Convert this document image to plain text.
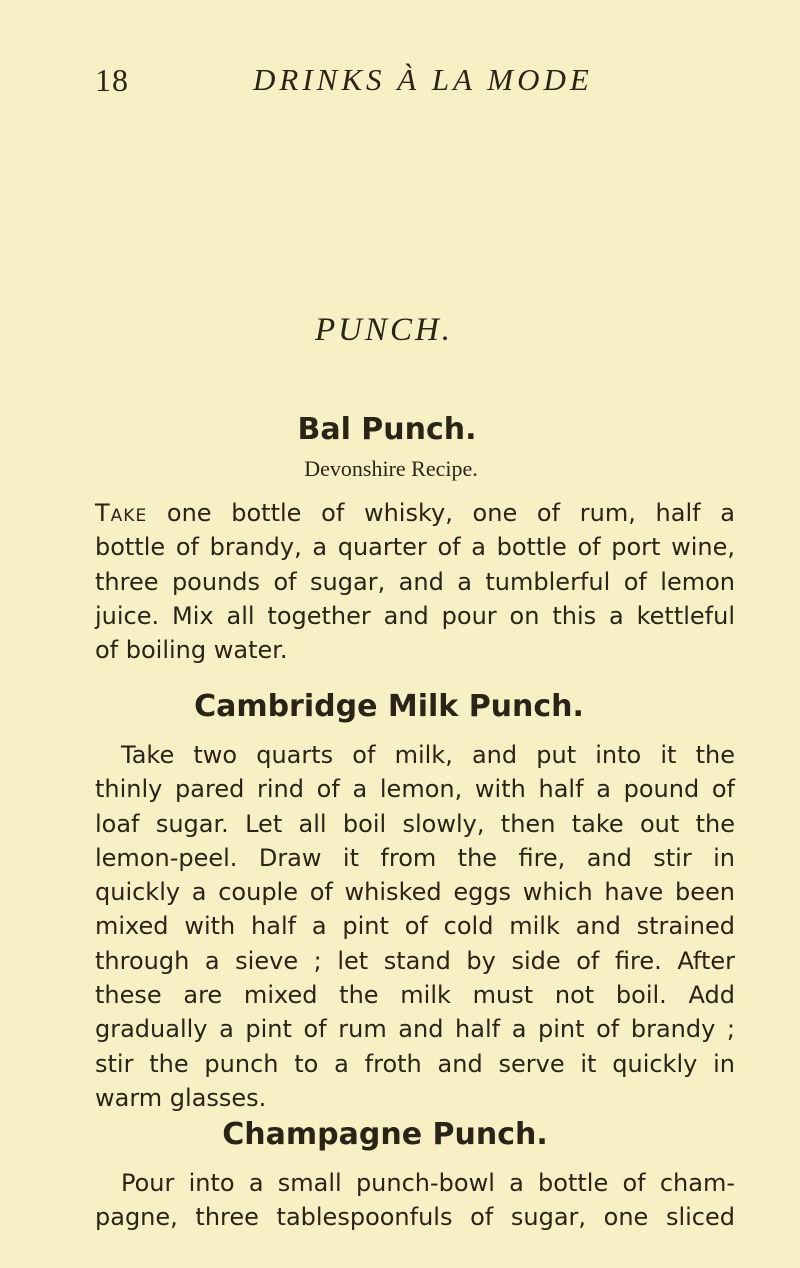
18	DRINKS À LA MODE
PUNCH.
Bal Punch.
Devonshire Recipe.
Take one bottle of whisky, one of rum, half a
bottle of brandy, a quarter of a bottle of port wine,
three pounds of sugar, and a tumblerful of lemon
juice. Mix all together and pour on this a kettleful
of boiling water.
Cambridge Milk Punch.
Take two quarts of milk, and put into it the
thinly pared rind of a lemon, with half a pound of
loaf sugar. Let all boil slowly, then take out the
lemon-peel. Draw it from the fire, and stir in
quickly a couple of whisked eggs which have been
mixed with half a pint of cold milk and strained
through a sieve ; let stand by side of fire. After
these are mixed the milk must not boil. Add
gradually a pint of rum and half a pint of brandy ;
stir the punch to a froth and serve it quickly in
warm glasses.
Champagne Punch.
Pour into a small punch-bowl a bottle of cham-
pagne, three tablespoonfuls of sugar, one sliced
